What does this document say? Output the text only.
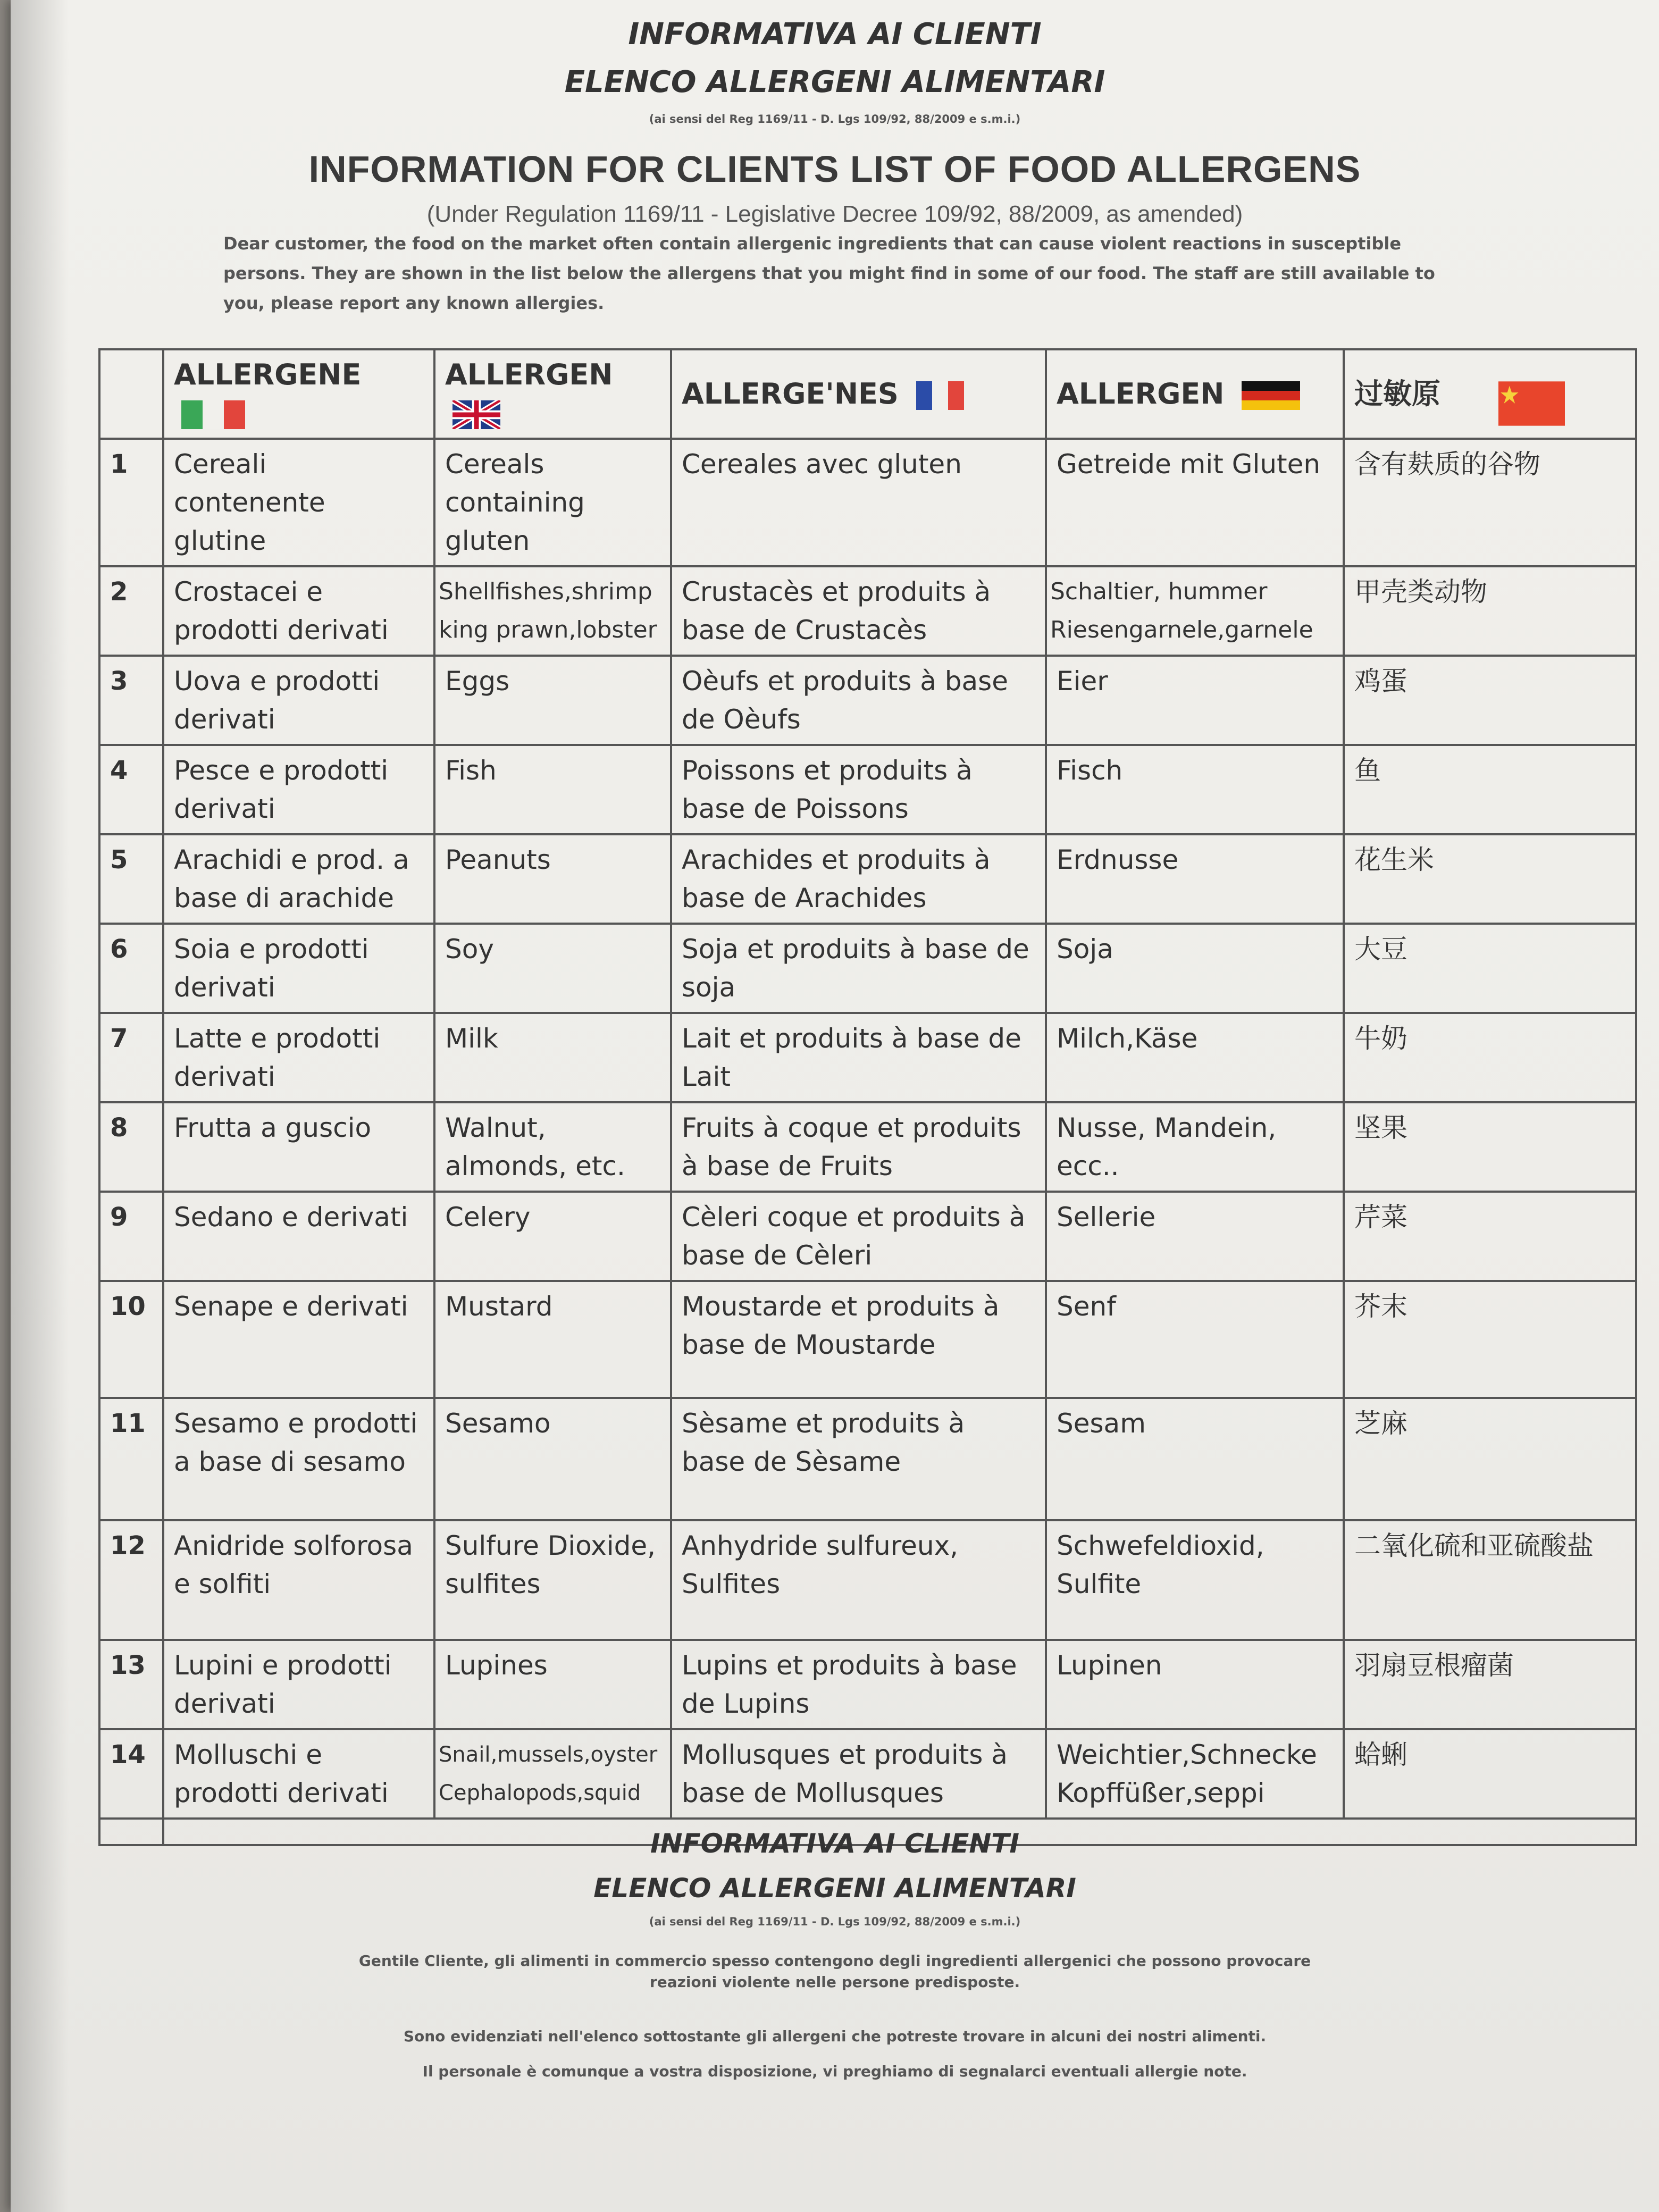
INFORMATIVA AI CLIENTI
ELENCO ALLERGENI ALIMENTARI
(ai sensi del Reg 1169/11 - D. Lgs 109/92, 88/2009 e s.m.i.)
INFORMATION FOR CLIENTS LIST OF FOOD ALLERGENS
(Under Regulation 1169/11 - Legislative Decree 109/92, 88/2009, as amended)
Dear customer, the food on the market often contain allergenic ingredients that can cause violent reactions in susceptible persons. They are shown in the list below the allergens that you might find in some of our food. The staff are still available to you, please report any known allergies.
	ALLERGENE	ALLERGEN	ALLERGE'NES	ALLERGEN	过敏原
1	Cereali contenente glutine	Cereals containing gluten	Cereales avec gluten	Getreide mit Gluten	含有麸质的谷物
2	Crostacei e prodotti derivati	Shellfishes,shrimp king prawn,lobster	Crustacès et produits à base de Crustacès	Schaltier, hummer Riesengarnele,garnele	甲壳类动物
3	Uova e prodotti derivati	Eggs	Oèufs et produits à base de Oèufs	Eier	鸡蛋
4	Pesce e prodotti derivati	Fish	Poissons et produits à base de Poissons	Fisch	鱼
5	Arachidi e prod. a base di arachide	Peanuts	Arachides et produits à base de Arachides	Erdnusse	花生米
6	Soia e prodotti derivati	Soy	Soja et produits à base de soja	Soja	大豆
7	Latte e prodotti derivati	Milk	Lait et produits à base de Lait	Milch,Käse	牛奶
8	Frutta a guscio	Walnut, almonds, etc.	Fruits à coque et produits à base de Fruits	Nusse, Mandein, ecc..	坚果
9	Sedano e derivati	Celery	Cèleri coque et produits à base de Cèleri	Sellerie	芹菜
10	Senape e derivati	Mustard	Moustarde et produits à base de Moustarde	Senf	芥末
11	Sesamo e prodotti a base di sesamo	Sesamo	Sèsame et produits à base de Sèsame	Sesam	芝麻
12	Anidride solforosa e solfiti	Sulfure Dioxide, sulfites	Anhydride sulfureux, Sulfites	Schwefeldioxid, Sulfite	二氧化硫和亚硫酸盐
13	Lupini e prodotti derivati	Lupines	Lupins et produits à base de Lupins	Lupinen	羽扇豆根瘤菌
14	Molluschi e prodotti derivati	Snail,mussels,oyster Cephalopods,squid	Mollusques et produits à base de Mollusques	Weichtier,Schnecke Kopffüßer,seppi	蛤蜊

INFORMATIVA AI CLIENTI
ELENCO ALLERGENI ALIMENTARI
(ai sensi del Reg 1169/11 - D. Lgs 109/92, 88/2009 e s.m.i.)
Gentile Cliente, gli alimenti in commercio spesso contengono degli ingredienti allergenici che possono provocare reazioni violente nelle persone predisposte.
Sono evidenziati nell'elenco sottostante gli allergeni che potreste trovare in alcuni dei nostri alimenti.
Il personale è comunque a vostra disposizione, vi preghiamo di segnalarci eventuali allergie note.
